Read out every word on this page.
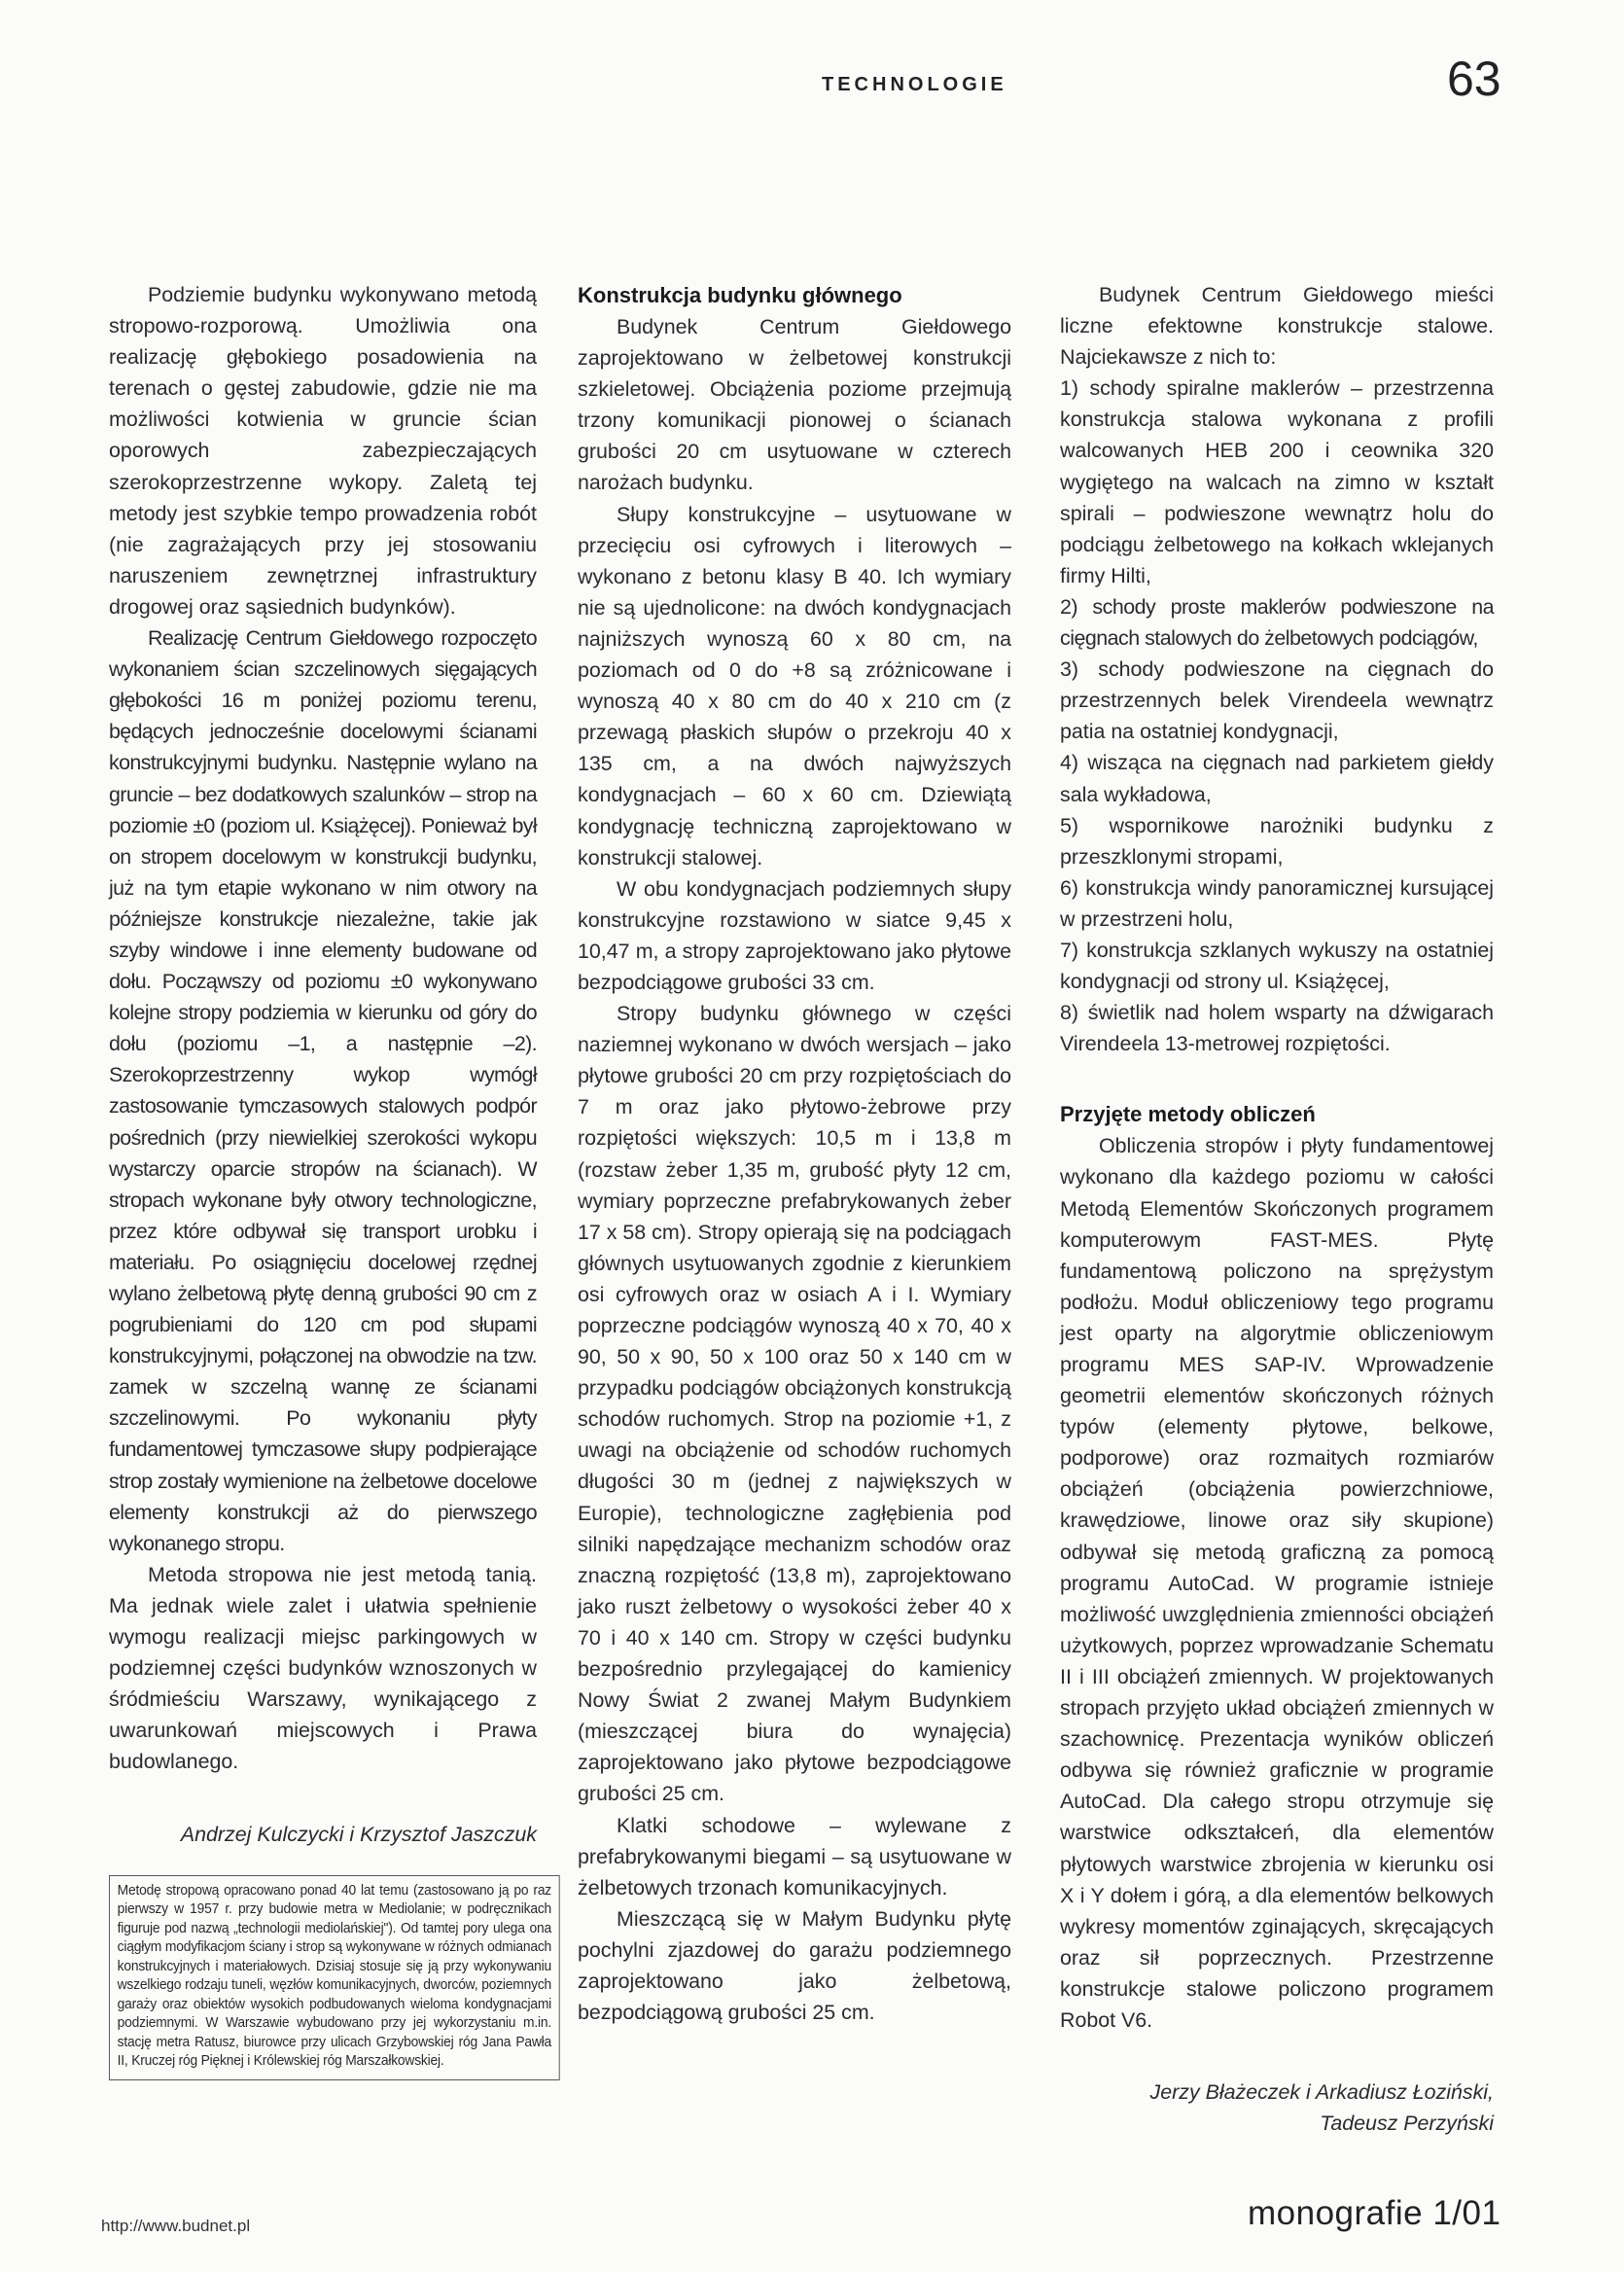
TECHNOLOGIE	63

Podziemie budynku wykonywano metodą stropowo-rozporową. Umożliwia ona realizację głębokiego posadowienia na terenach o gęstej zabudowie, gdzie nie ma możliwości kotwienia w gruncie ścian oporowych zabezpieczających szerokoprzestrzenne wykopy. Zaletą tej metody jest szybkie tempo prowadzenia robót (nie zagrażających przy jej stosowaniu naruszeniem zewnętrznej infrastruktury drogowej oraz sąsiednich budynków).

Realizację Centrum Giełdowego rozpoczęto wykonaniem ścian szczelinowych sięgających głębokości 16 m poniżej poziomu terenu, będących jednocześnie docelowymi ścianami konstrukcyjnymi budynku. Następnie wylano na gruncie – bez dodatkowych szalunków – strop na poziomie ±0 (poziom ul. Książęcej). Ponieważ był on stropem docelowym w konstrukcji budynku, już na tym etapie wykonano w nim otwory na późniejsze konstrukcje niezależne, takie jak szyby windowe i inne elementy budowane od dołu. Począwszy od poziomu ±0 wykonywano kolejne stropy podziemia w kierunku od góry do dołu (poziomu –1, a następnie –2). Szerokoprzestrzenny wykop wymógł zastosowanie tymczasowych stalowych podpór pośrednich (przy niewielkiej szerokości wykopu wystarczy oparcie stropów na ścianach). W stropach wykonane były otwory technologiczne, przez które odbywał się transport urobku i materiału. Po osiągnięciu docelowej rzędnej wylano żelbetową płytę denną grubości 90 cm z pogrubieniami do 120 cm pod słupami konstrukcyjnymi, połączonej na obwodzie na tzw. zamek w szczelną wannę ze ścianami szczelinowymi. Po wykonaniu płyty fundamentowej tymczasowe słupy podpierające strop zostały wymienione na żelbetowe docelowe elementy konstrukcji aż do pierwszego wykonanego stropu.

Metoda stropowa nie jest metodą tanią. Ma jednak wiele zalet i ułatwia spełnienie wymogu realizacji miejsc parkingowych w podziemnej części budynków wznoszonych w śródmieściu Warszawy, wynikającego z uwarunkowań miejscowych i Prawa budowlanego.

Andrzej Kulczycki i Krzysztof Jaszczuk
Metodę stropową opracowano ponad 40 lat temu (zastosowano ją po raz pierwszy w 1957 r. przy budowie metra w Mediolanie; w podręcznikach figuruje pod nazwą „technologii mediolańskiej"). Od tamtej pory ulega ona ciągłym modyfikacjom ściany i strop są wykonywane w różnych odmianach konstrukcyjnych i materiałowych. Dzisiaj stosuje się ją przy wykonywaniu wszelkiego rodzaju tuneli, węzłów komunikacyjnych, dworców, poziemnych garaży oraz obiektów wysokich podbudowanych wieloma kondygnacjami podziemnymi. W Warszawie wybudowano przy jej wykorzystaniu m.in. stację metra Ratusz, biurowce przy ulicach Grzybowskiej róg Jana Pawła II, Kruczej róg Pięknej i Królewskiej róg Marszałkowskiej.
Konstrukcja budynku głównego

Budynek Centrum Giełdowego zaprojektowano w żelbetowej konstrukcji szkieletowej. Obciążenia poziome przejmują trzony komunikacji pionowej o ścianach grubości 20 cm usytuowane w czterech narożach budynku.

Słupy konstrukcyjne – usytuowane w przecięciu osi cyfrowych i literowych – wykonano z betonu klasy B 40. Ich wymiary nie są ujednolicone: na dwóch kondygnacjach najniższych wynoszą 60 x 80 cm, na poziomach od 0 do +8 są zróżnicowane i wynoszą 40 x 80 cm do 40 x 210 cm (z przewagą płaskich słupów o przekroju 40 x 135 cm, a na dwóch najwyższych kondygnacjach – 60 x 60 cm. Dziewiątą kondygnację techniczną zaprojektowano w konstrukcji stalowej.

W obu kondygnacjach podziemnych słupy konstrukcyjne rozstawiono w siatce 9,45 x 10,47 m, a stropy zaprojektowano jako płytowe bezpodciągowe grubości 33 cm.

Stropy budynku głównego w części naziemnej wykonano w dwóch wersjach – jako płytowe grubości 20 cm przy rozpiętościach do 7 m oraz jako płytowo-żebrowe przy rozpiętości większych: 10,5 m i 13,8 m (rozstaw żeber 1,35 m, grubość płyty 12 cm, wymiary poprzeczne prefabrykowanych żeber 17 x 58 cm). Stropy opierają się na podciągach głównych usytuowanych zgodnie z kierunkiem osi cyfrowych oraz w osiach A i I. Wymiary poprzeczne podciągów wynoszą 40 x 70, 40 x 90, 50 x 90, 50 x 100 oraz 50 x 140 cm w przypadku podciągów obciążonych konstrukcją schodów ruchomych. Strop na poziomie +1, z uwagi na obciążenie od schodów ruchomych długości 30 m (jednej z największych w Europie), technologiczne zagłębienia pod silniki napędzające mechanizm schodów oraz znaczną rozpiętość (13,8 m), zaprojektowano jako ruszt żelbetowy o wysokości żeber 40 x 70 i 40 x 140 cm. Stropy w części budynku bezpośrednio przylegającej do kamienicy Nowy Świat 2 zwanej Małym Budynkiem (mieszczącej biura do wynajęcia) zaprojektowano jako płytowe bezpodciągowe grubości 25 cm.

Klatki schodowe – wylewane z prefabrykowanymi biegami – są usytuowane w żelbetowych trzonach komunikacyjnych.

Mieszczącą się w Małym Budynku płytę pochylni zjazdowej do garażu podziemnego zaprojektowano jako żelbetową, bezpodciągową grubości 25 cm.

Budynek Centrum Giełdowego mieści liczne efektowne konstrukcje stalowe. Najciekawsze z nich to:

1) schody spiralne maklerów – przestrzenna konstrukcja stalowa wykonana z profili walcowanych HEB 200 i ceownika 320 wygiętego na walcach na zimno w kształt spirali – podwieszone wewnątrz holu do podciągu żelbetowego na kołkach wklejanych firmy Hilti,
2) schody proste maklerów podwieszone na cięgnach stalowych do żelbetowych podciągów,
3) schody podwieszone na cięgnach do przestrzennych belek Virendeela wewnątrz patia na ostatniej kondygnacji,
4) wisząca na cięgnach nad parkietem giełdy sala wykładowa,
5) wspornikowe narożniki budynku z przeszklonymi stropami,
6) konstrukcja windy panoramicznej kursującej w przestrzeni holu,
7) konstrukcja szklanych wykuszy na ostatniej kondygnacji od strony ul. Książęcej,
8) świetlik nad holem wsparty na dźwigarach Virendeela 13-metrowej rozpiętości.
Przyjęte metody obliczeń

Obliczenia stropów i płyty fundamentowej wykonano dla każdego poziomu w całości Metodą Elementów Skończonych programem komputerowym FAST-MES. Płytę fundamentową policzono na sprężystym podłożu. Moduł obliczeniowy tego programu jest oparty na algorytmie obliczeniowym programu MES SAP-IV. Wprowadzenie geometrii elementów skończonych różnych typów (elementy płytowe, belkowe, podporowe) oraz rozmaitych rozmiarów obciążeń (obciążenia powierzchniowe, krawędziowe, linowe oraz siły skupione) odbywał się metodą graficzną za pomocą programu AutoCad. W programie istnieje możliwość uwzględnienia zmienności obciążeń użytkowych, poprzez wprowadzanie Schematu II i III obciążeń zmiennych. W projektowanych stropach przyjęto układ obciążeń zmiennych w szachownicę. Prezentacja wyników obliczeń odbywa się również graficznie w programie AutoCad. Dla całego stropu otrzymuje się warstwice odkształceń, dla elementów płytowych warstwice zbrojenia w kierunku osi X i Y dołem i górą, a dla elementów belkowych wykresy momentów zginających, skręcających oraz sił poprzecznych. Przestrzenne konstrukcje stalowe policzono programem Robot V6.

Jerzy Błażeczek i Arkadiusz Łoziński,
Tadeusz Perzyński
http://www.budnet.pl	monografie 1/01
